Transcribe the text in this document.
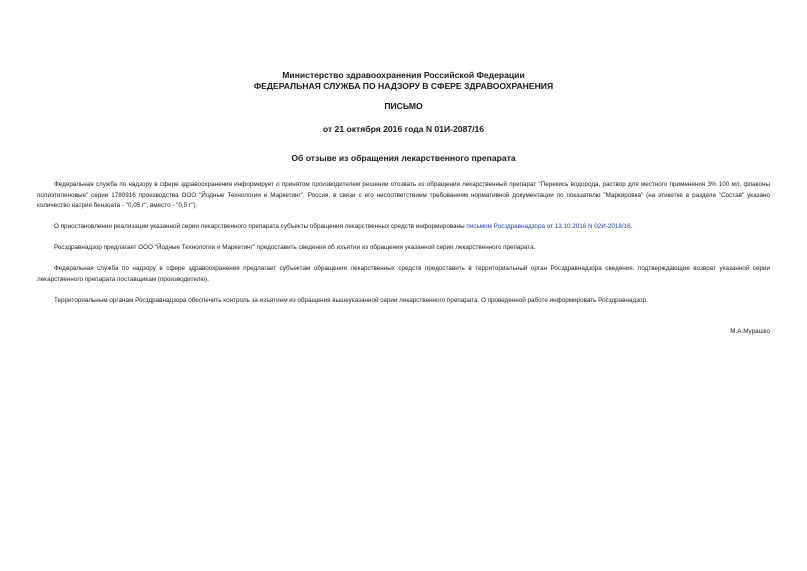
Министерство здравоохранения Российской Федерации
ФЕДЕРАЛЬНАЯ СЛУЖБА ПО НАДЗОРУ В СФЕРЕ ЗДРАВООХРАНЕНИЯ
ПИСЬМО
от 21 октября 2016 года N 01И-2087/16
Об отзыве из обращения лекарственного препарата
Федеральная служба по надзору в сфере здравоохранения информирует о принятом производителем решении отозвать из обращения лекарственный препарат "Перекись водорода, раствор для местного применения 3% 100 мл, флаконы полиэтиленовые" серии 1780916 производства ООО "Йодные Технологии и Маркетинг", Россия, в связи с его несоответствием требованиям нормативной документации по показателю "Маркировка" (на этикетке в разделе "Состав" указано количество натрия бензоата - "0,05 г", вместо - "0,5 г").
О приостановлении реализации указанной серии лекарственного препарата субъекты обращения лекарственных средств информированы письмом Росздравнадзора от 13.10.2016 N 02И-2018/16.
Росздравнадзор предлагает ООО "Йодные Технологии и Маркетинг" предоставить сведения об изъятии из обращения указанной серии лекарственного препарата.
Федеральная служба по надзору в сфере здравоохранения предлагает субъектам обращения лекарственных средств предоставить в территориальный орган Росздравнадзора сведения, подтверждающие возврат указанной серии лекарственного препарата поставщикам (производителю).
Территориальным органам Росздравнадзора обеспечить контроль за изъятием из обращения вышеуказанной серии лекарственного препарата. О проведенной работе информировать Росздравнадзор.
М.А.Мурашко
